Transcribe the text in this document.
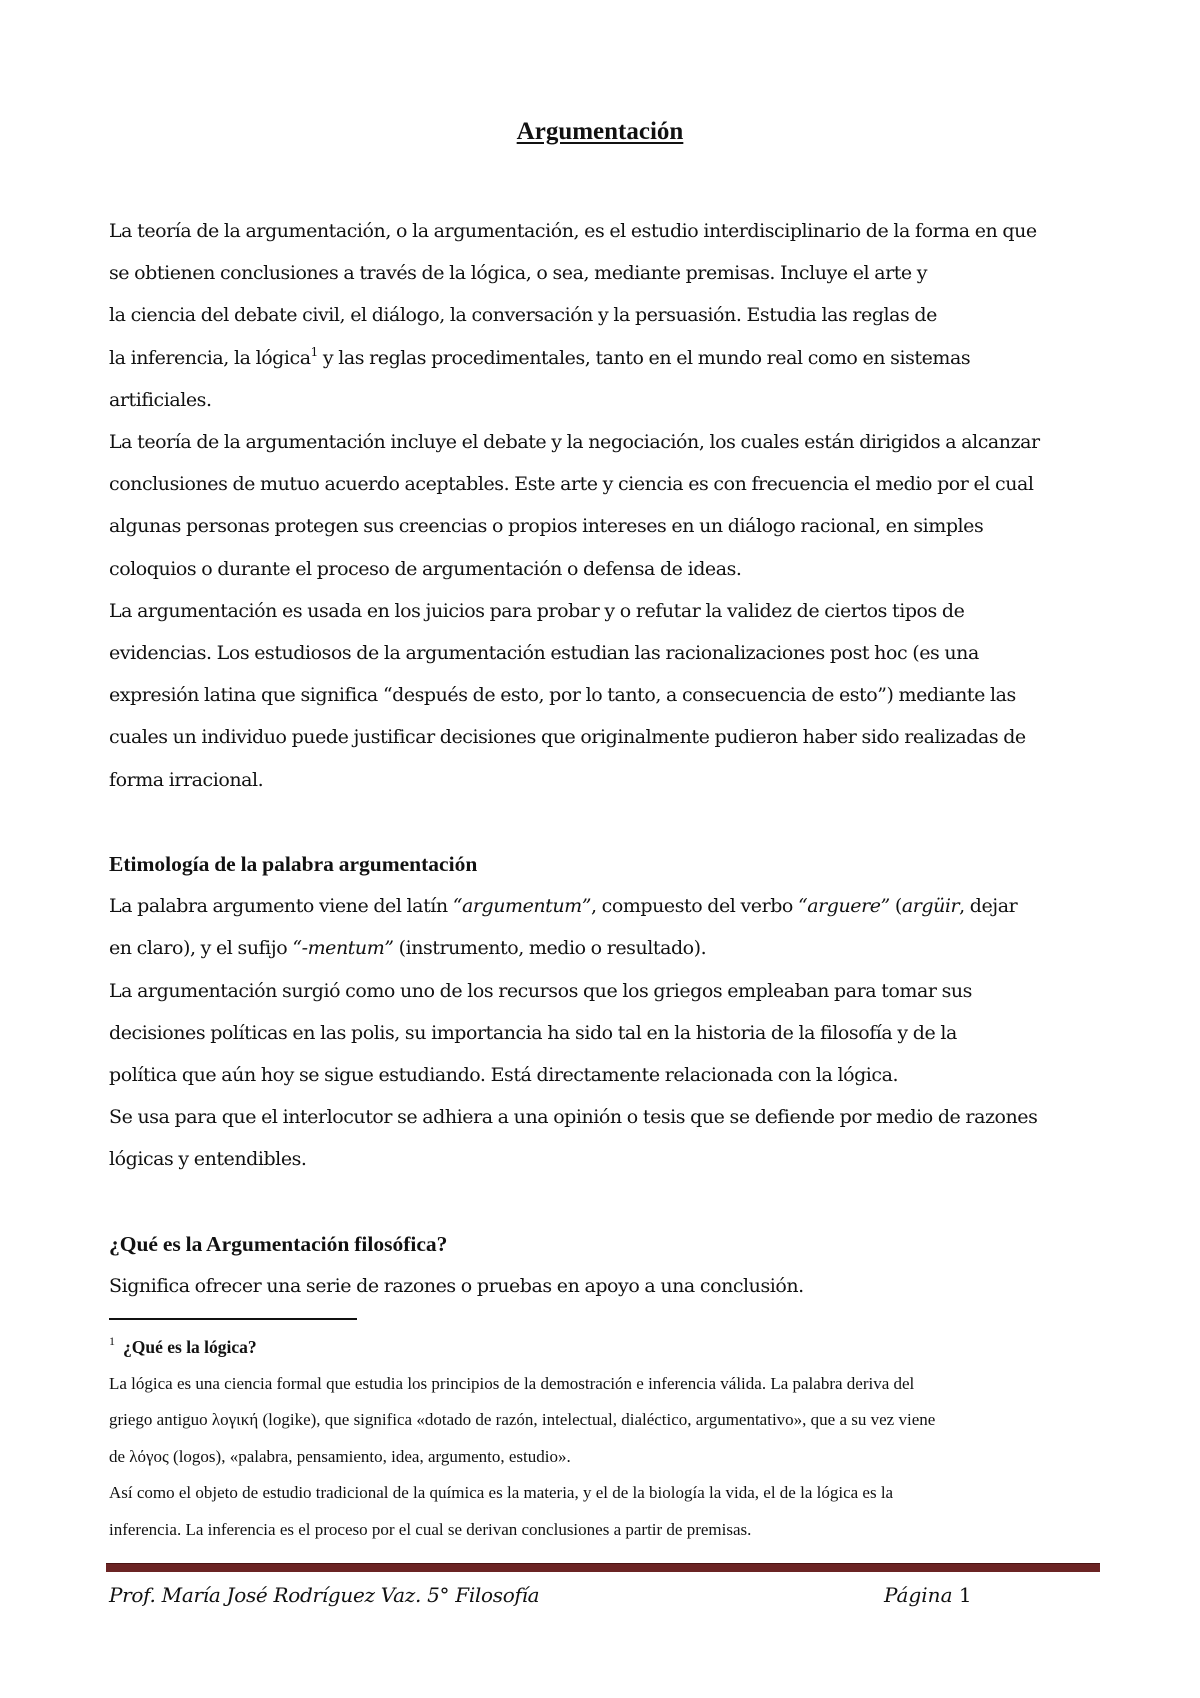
Argumentación

La teoría de la argumentación, o la argumentación, es el estudio interdisciplinario de la forma en que

se obtienen conclusiones a través de la lógica, o sea, mediante premisas. Incluye el arte y

la ciencia del debate civil, el diálogo, la conversación y la persuasión. Estudia las reglas de

la inferencia, la lógica$^1$ y las reglas procedimentales, tanto en el mundo real como en sistemas

artificiales.

La teoría de la argumentación incluye el debate y la negociación, los cuales están dirigidos a alcanzar

conclusiones de mutuo acuerdo aceptables. Este arte y ciencia es con frecuencia el medio por el cual

algunas personas protegen sus creencias o propios intereses en un diálogo racional, en simples

coloquios o durante el proceso de argumentación o defensa de ideas.

La argumentación es usada en los juicios para probar y o refutar la validez de ciertos tipos de

evidencias. Los estudiosos de la argumentación estudian las racionalizaciones post hoc (es una

expresión latina que significa “después de esto, por lo tanto, a consecuencia de esto”) mediante las

cuales un individuo puede justificar decisiones que originalmente pudieron haber sido realizadas de

forma irracional.

Etimología de la palabra argumentación

La palabra argumento viene del latín “argumentum”, compuesto del verbo “arguere” (argüir, dejar

en claro), y el sufijo “-mentum” (instrumento, medio o resultado).

La argumentación surgió como uno de los recursos que los griegos empleaban para tomar sus

decisiones políticas en las polis, su importancia ha sido tal en la historia de la filosofía y de la

política que aún hoy se sigue estudiando. Está directamente relacionada con la lógica.

Se usa para que el interlocutor se adhiera a una opinión o tesis que se defiende por medio de razones

lógicas y entendibles.

¿Qué es la Argumentación filosófica?

Significa ofrecer una serie de razones o pruebas en apoyo a una conclusión.

$^1$ ¿Qué es la lógica?

La lógica es una ciencia formal que estudia los principios de la demostración e inferencia válida. La palabra deriva del

griego antiguo λογική (logike), que significa «dotado de razón, intelectual, dialéctico, argumentativo», que a su vez viene

de λόγος (logos), «palabra, pensamiento, idea, argumento, estudio».

Así como el objeto de estudio tradicional de la química es la materia, y el de la biología la vida, el de la lógica es la

inferencia. La inferencia es el proceso por el cual se derivan conclusiones a partir de premisas.

Prof. María José Rodríguez Vaz. 5° Filosofía	Página 1
